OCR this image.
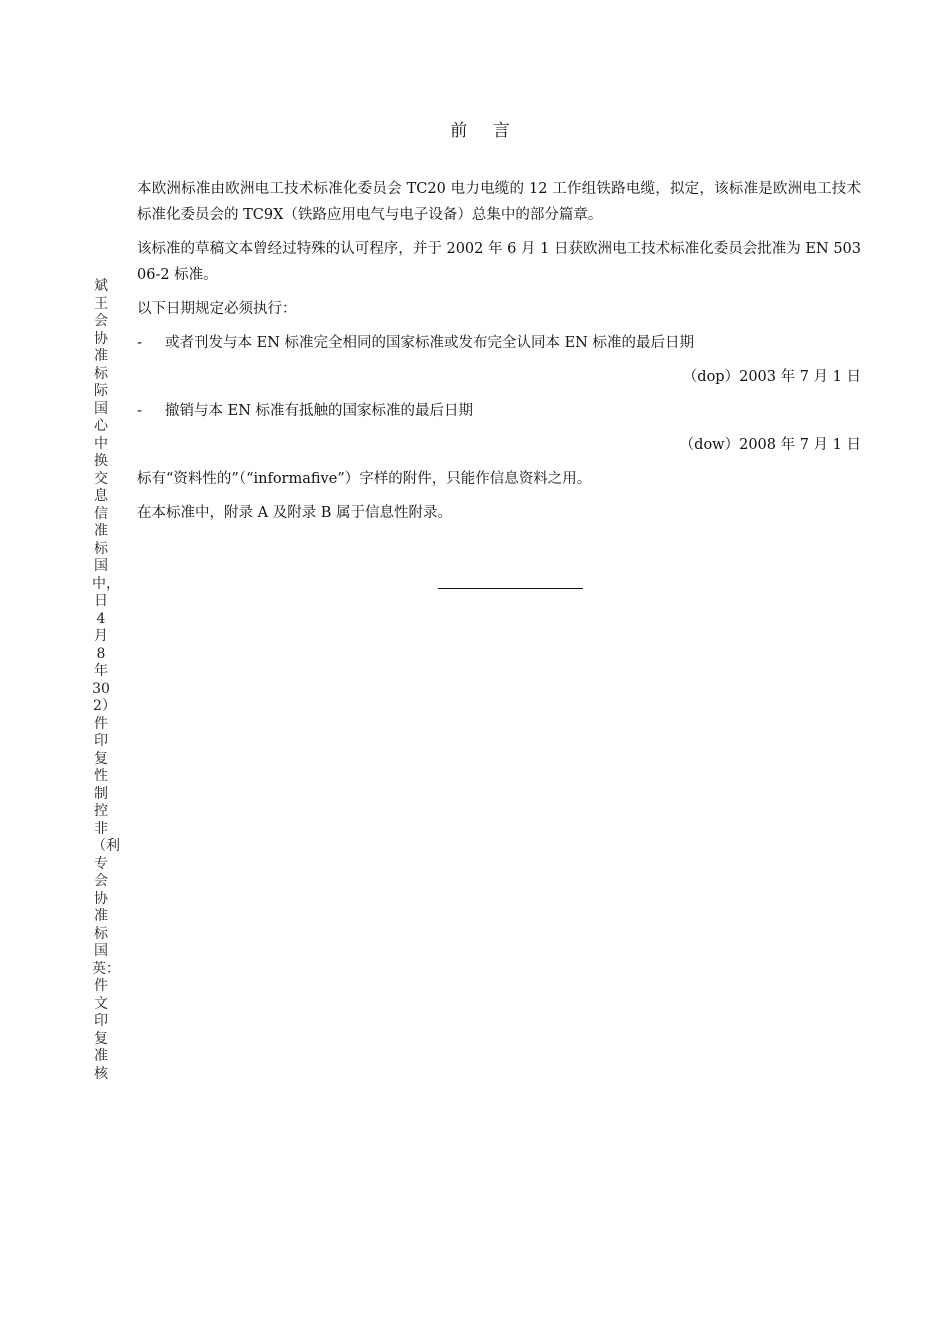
前 言

本欧洲标准由欧洲电工技术标准化委员会 TC20 电力电缆的 12 工作组铁路电缆，拟定，该标准是欧洲电工技术标准化委员会的 TC9X（铁路应用电气与电子设备）总集中的部分篇章。

该标准的草稿文本曾经过特殊的认可程序，并于 2002 年 6 月 1 日获欧洲电工技术标准化委员会批准为 EN 50306-2 标准。

以下日期规定必须执行：

-	或者刊发与本 EN 标准完全相同的国家标准或发布完全认同本 EN 标准的最后日期
（dop）2003 年 7 月 1 日
-	撤销与本 EN 标准有抵触的国家标准的最后日期
（dow）2008 年 7 月 1 日

标有“资料性的”（“informafive”）字样的附件，只能作信息资料之用。

在本标准中，附录 A 及附录 B 属于信息性附录。

斌王 会协准标际国心中换交息信准标国中，日4月8年302）件印复性制控非（利专会协准标国英：件文印复准核
